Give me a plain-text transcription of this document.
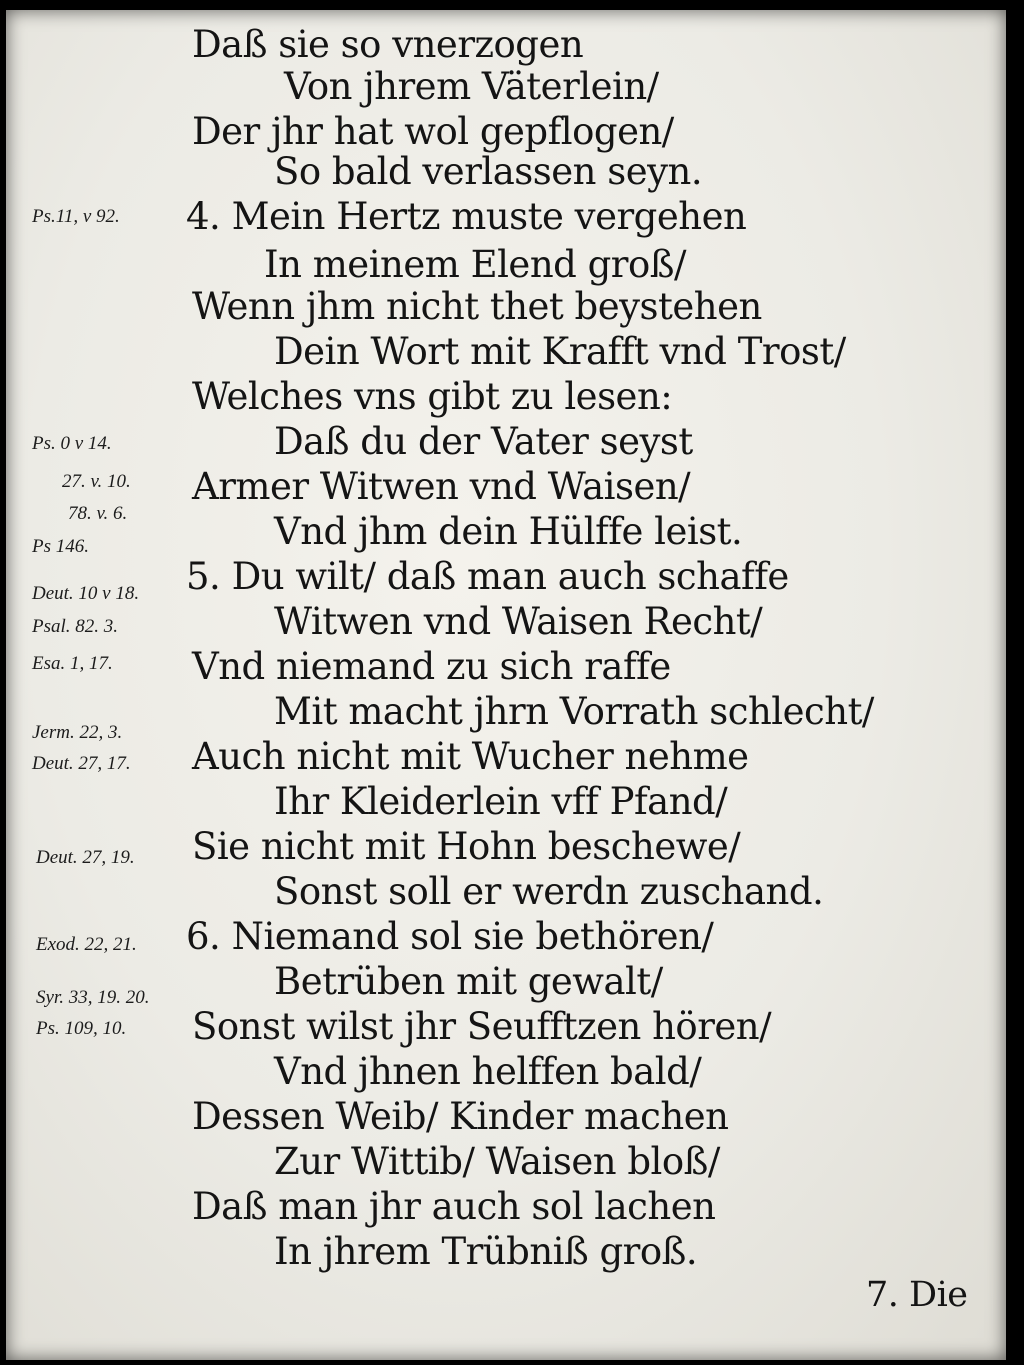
Daß sie so vnerzogen
Von jhrem Väterlein/
Der jhr hat wol gepflogen/
So bald verlassen seyn.
4. Mein Hertz muste vergehen
In meinem Elend groß/
Wenn jhm nicht thet beystehen
Dein Wort mit Krafft vnd Trost/
Welches vns gibt zu lesen:
Daß du der Vater seyst
Armer Witwen vnd Waisen/
Vnd jhm dein Hülffe leist.
5. Du wilt/ daß man auch schaffe
Witwen vnd Waisen Recht/
Vnd niemand zu sich raffe
Mit macht jhrn Vorrath schlecht/
Auch nicht mit Wucher nehme
Ihr Kleiderlein vff Pfand/
Sie nicht mit Hohn beschewe/
Sonst soll er werdn zuschand.
6. Niemand sol sie bethören/
Betrüben mit gewalt/
Sonst wilst jhr Seufftzen hören/
Vnd jhnen helffen bald/
Dessen Weib/ Kinder machen
Zur Wittib/ Waisen bloß/
Daß man jhr auch sol lachen
In jhrem Trübniß groß.
7. Die
Ps.11, v 92.
Ps. 0 v 14.
27. v. 10.
78. v. 6.
Ps 146.
Deut. 10 v 18.
Psal. 82. 3.
Esa. 1, 17.
Jerm. 22, 3.
Deut. 27, 17.
Deut. 27, 19.
Exod. 22, 21.
Syr. 33, 19. 20.
Ps. 109, 10.
